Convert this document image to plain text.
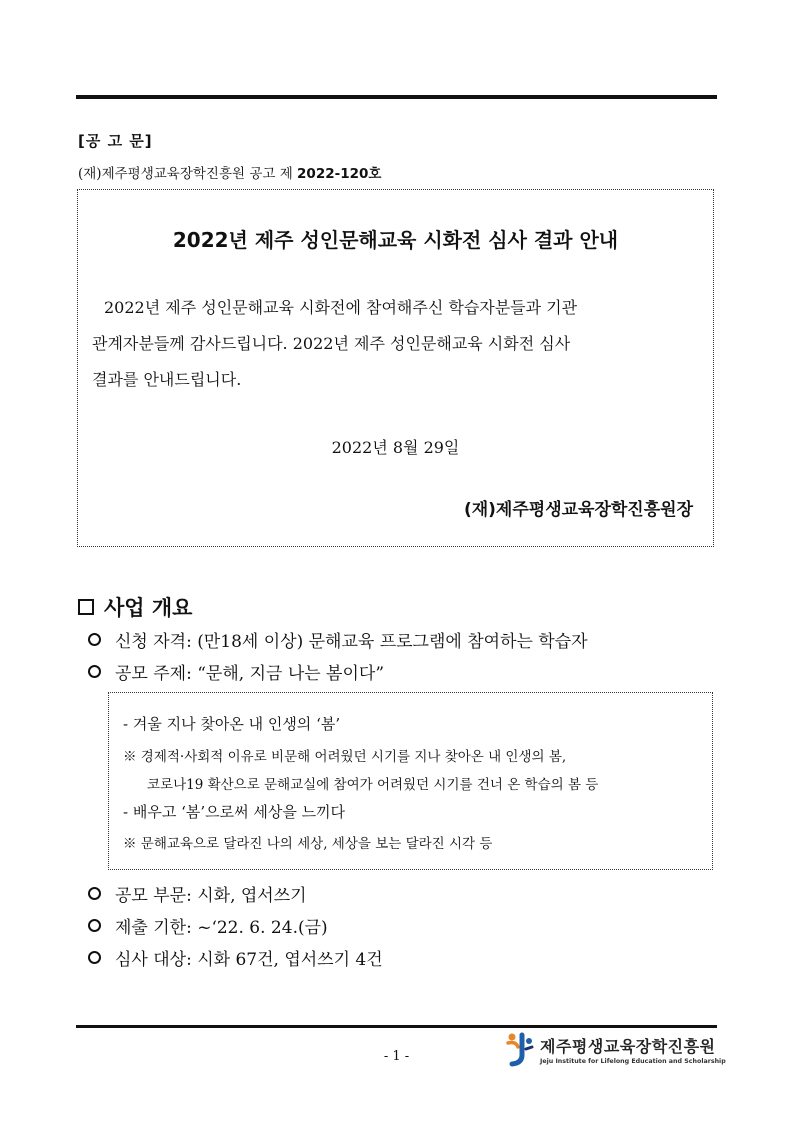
[공 고 문]
(재)제주평생교육장학진흥원 공고 제 2022-120호
2022년 제주 성인문해교육 시화전 심사 결과 안내
2022년 제주 성인문해교육 시화전에 참여해주신 학습자분들과 기관
관계자분들께 감사드립니다. 2022년 제주 성인문해교육 시화전 심사
결과를 안내드립니다.
2022년 8월 29일
(재)제주평생교육장학진흥원장
사업 개요
신청 자격: (만18세 이상) 문해교육 프로그램에 참여하는 학습자
공모 주제: “문해, 지금 나는 봄이다”
- 겨울 지나 찾아온 내 인생의 ‘봄’
※ 경제적·사회적 이유로 비문해 어려웠던 시기를 지나 찾아온 내 인생의 봄,
코로나19 확산으로 문해교실에 참여가 어려웠던 시기를 건너 온 학습의 봄 등
- 배우고 ‘봄’으로써 세상을 느끼다
※ 문해교육으로 달라진 나의 세상, 세상을 보는 달라진 시각 등
공모 부문: 시화, 엽서쓰기
제출 기한: ~‘22. 6. 24.(금)
심사 대상: 시화 67건, 엽서쓰기 4건
- 1 -
제주평생교육장학진흥원
Jeju Institute for Lifelong Education and Scholarship
